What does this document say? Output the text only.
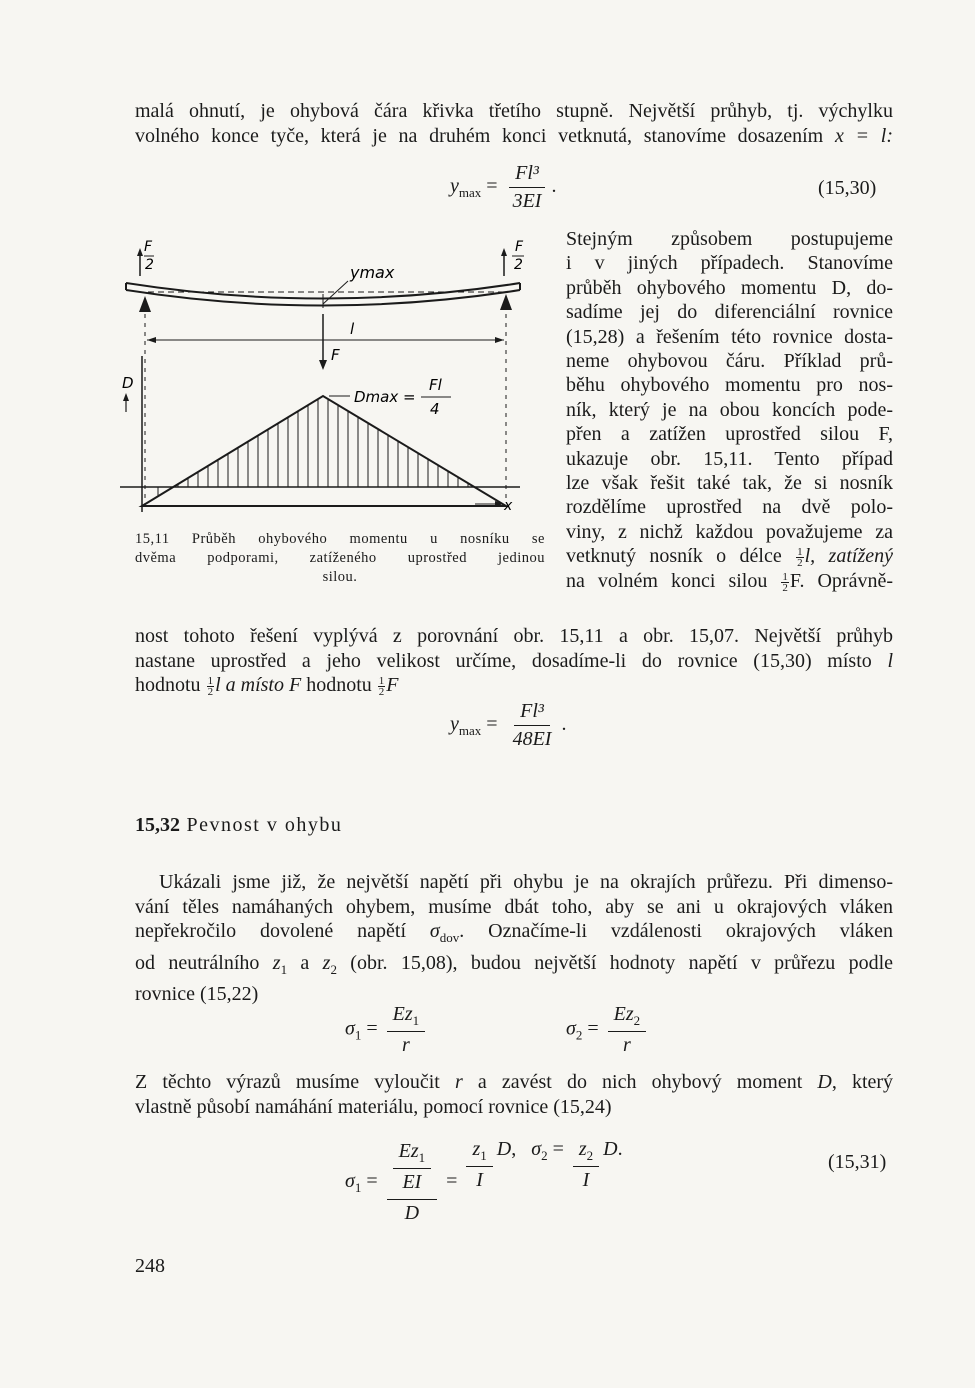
malá ohnutí, je ohybová čára křivka třetího stupně. Největší průhyb, tj. výchylku
volného konce tyče, která je na druhém konci vetknutá, stanovíme dosazením x = l:
$y_{max} = \frac{\text{Fl³}}{3EI}$ .	(15,30)
F
2
F
2
ymax
l
F
D
Dmax =
Fl
4
x
15,11 Průběh ohybového momentu u nosníku se
dvěma podporami, zatíženého uprostřed jedinou
silou.
Stejným způsobem postupujeme
i v jiných případech. Stanovíme
průběh ohybového momentu D, do-
sadíme jej do diferenciální rovnice
(15,28) a řešením této rovnice dosta-
neme ohybovou čáru. Příklad prů-
běhu ohybového momentu pro nos-
ník, který je na obou koncích pode-
přen a zatížen uprostřed silou F,
ukazuje obr. 15,11. Tento případ
lze však řešit také tak, že si nosník
rozdělíme uprostřed na dvě polo-
viny, z nichž každou považujeme za
vetknutý nosník o délce $\frac{1}{2} l$, zatížený
na volném konci silou $\frac{1}{2} F$. Oprávně-
nost tohoto řešení vyplývá z porovnání obr. 15,11 a obr. 15,07. Největší průhyb
nastane uprostřed a jeho velikost určíme, dosadíme-li do rovnice (15,30) místo l
hodnotu $\frac{1}{2}$ l a místo F hodnotu $\frac{1}{2}$ F
$y_{max} = \frac{\text{Fl³}}{48EI}$ .
15,32 Pevnost v ohybu
Ukázali jsme již, že největší napětí při ohybu je na okrajích průřezu. Při dimenso-
vání těles namáhaných ohybem, musíme dbát toho, aby se ani u okrajových vláken
nepřekročilo dovolené napětí $\sigma_{dov}$. Označíme-li vzdálenosti okrajových vláken
od neutrálního $z_1$ a $z_2$ (obr. 15,08), budou největší hodnoty napětí v průřezu podle
rovnice (15,22)
$\sigma_1 = \frac{Ez_1}{r}$	$\sigma_2 = \frac{Ez_2}{r}$
Z těchto výrazů musíme vyloučit r a zavést do nich ohybový moment D, který
vlastně působí namáhání materiálu, pomocí rovnice (15,24)
$\sigma_1 = \frac{\frac{Ez_1}{EI}}{D} = \frac{z_1}{I} D$, $\sigma_2 = \frac{z_2}{I} D$.
(15,31)
248
